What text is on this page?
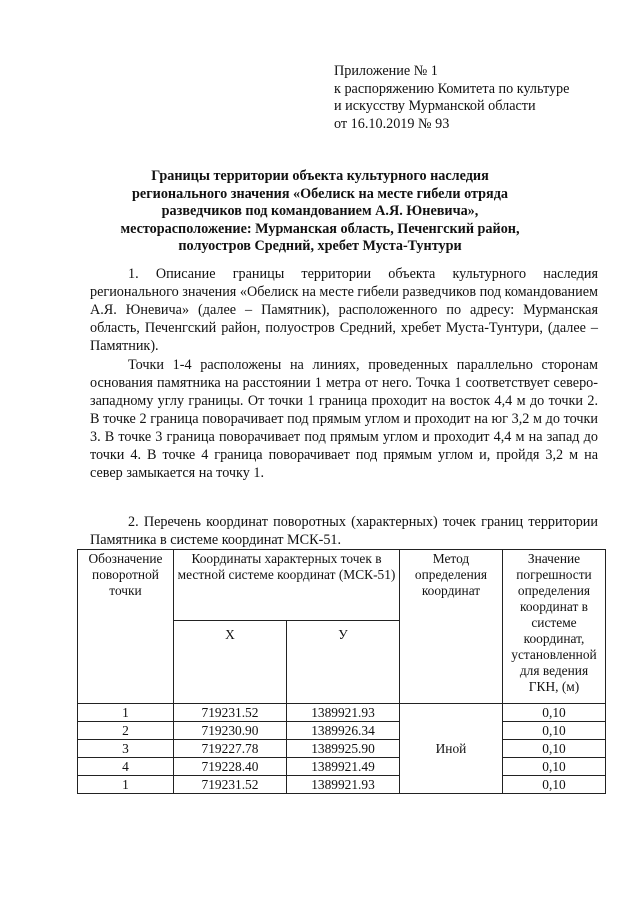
Приложение № 1
к распоряжению Комитета по культуре
и искусству Мурманской области
от 16.10.2019 № 93
Границы территории объекта культурного наследия
регионального значения «Обелиск на месте гибели отряда
разведчиков под командованием А.Я. Юневича»,
месторасположение: Мурманская область, Печенгский район,
полуостров Средний, хребет Муста-Тунтури

1. Описание границы территории объекта культурного наследия регионального значения «Обелиск на месте гибели разведчиков под командованием А.Я. Юневича» (далее – Памятник), расположенного по адресу: Мурманская область, Печенгский район, полуостров Средний, хребет Муста-Тунтури, (далее – Памятник).

Точки 1-4 расположены на линиях, проведенных параллельно сторонам основания памятника на расстоянии 1 метра от него. Точка 1 соответствует северо-западному углу границы. От точки 1 граница проходит на восток 4,4 м до точки 2. В точке 2 граница поворачивает под прямым углом и проходит на юг 3,2 м до точки 3. В точке 3 граница поворачивает под прямым углом и проходит 4,4 м на запад до точки 4. В точке 4 граница поворачивает под прямым углом и, пройдя 3,2 м на север замыкается на точку 1.

2. Перечень координат поворотных (характерных) точек границ территории Памятника в системе координат МСК-51.

Обозначение поворотной точки	Координаты характерных точек в местной системе координат (МСК-51)		Метод определения координат	Значение погрешности определения координат в системе координат, установленной для ведения ГКН, (м)
	Х	У		
1	719231.52	1389921.93	Иной	0,10
2	719230.90	1389926.34		0,10
3	719227.78	1389925.90		0,10
4	719228.40	1389921.49		0,10
1	719231.52	1389921.93		0,10
